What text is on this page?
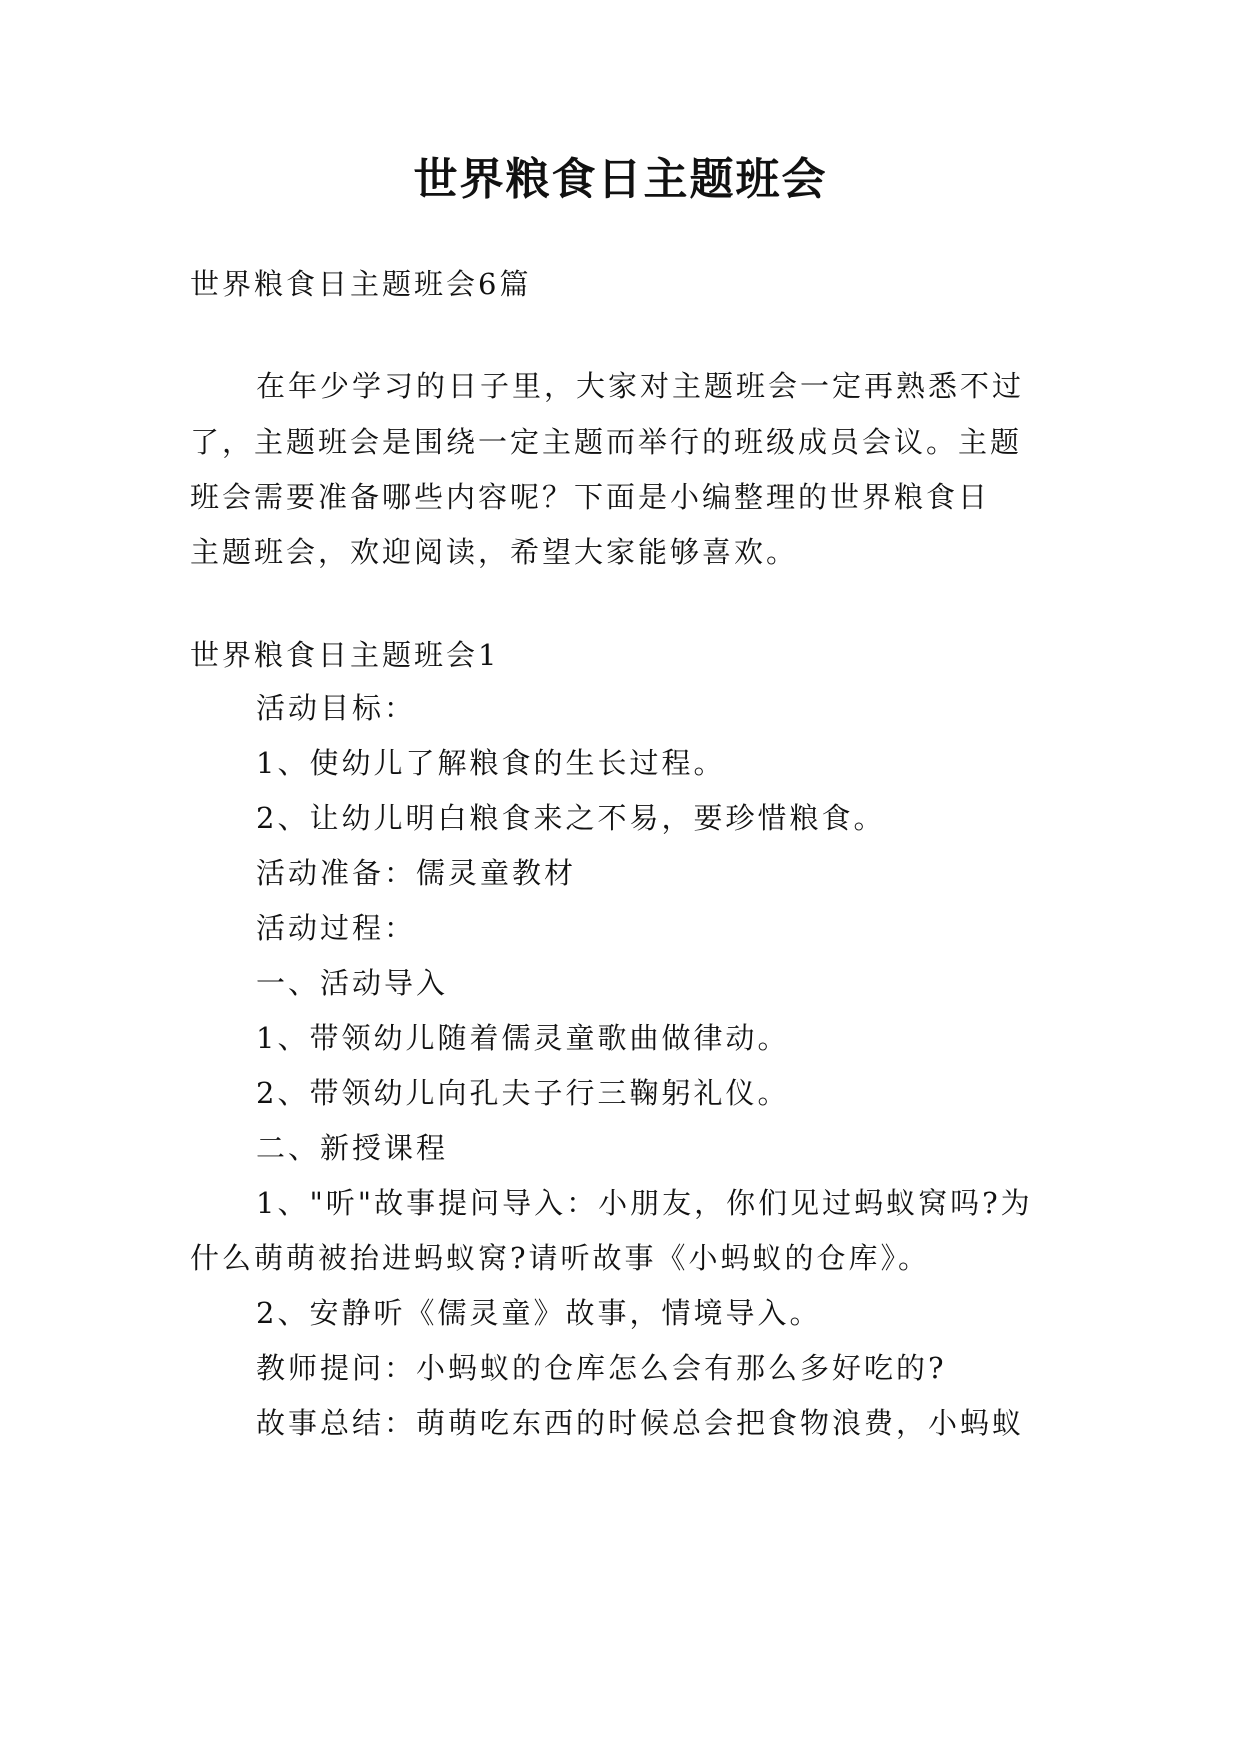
世界粮食日主题班会
世界粮食日主题班会6篇
在年少学习的日子里，大家对主题班会一定再熟悉不过
了，主题班会是围绕一定主题而举行的班级成员会议。主题
班会需要准备哪些内容呢？下面是小编整理的世界粮食日
主题班会，欢迎阅读，希望大家能够喜欢。
世界粮食日主题班会1
活动目标：
1、使幼儿了解粮食的生长过程。
2、让幼儿明白粮食来之不易，要珍惜粮食。
活动准备：儒灵童教材
活动过程：
一、活动导入
1、带领幼儿随着儒灵童歌曲做律动。
2、带领幼儿向孔夫子行三鞠躬礼仪。
二、新授课程
1、"听"故事提问导入：小朋友，你们见过蚂蚁窝吗?为
什么萌萌被抬进蚂蚁窝?请听故事《小蚂蚁的仓库》。
2、安静听《儒灵童》故事，情境导入。
教师提问：小蚂蚁的仓库怎么会有那么多好吃的?
故事总结：萌萌吃东西的时候总会把食物浪费，小蚂蚁
